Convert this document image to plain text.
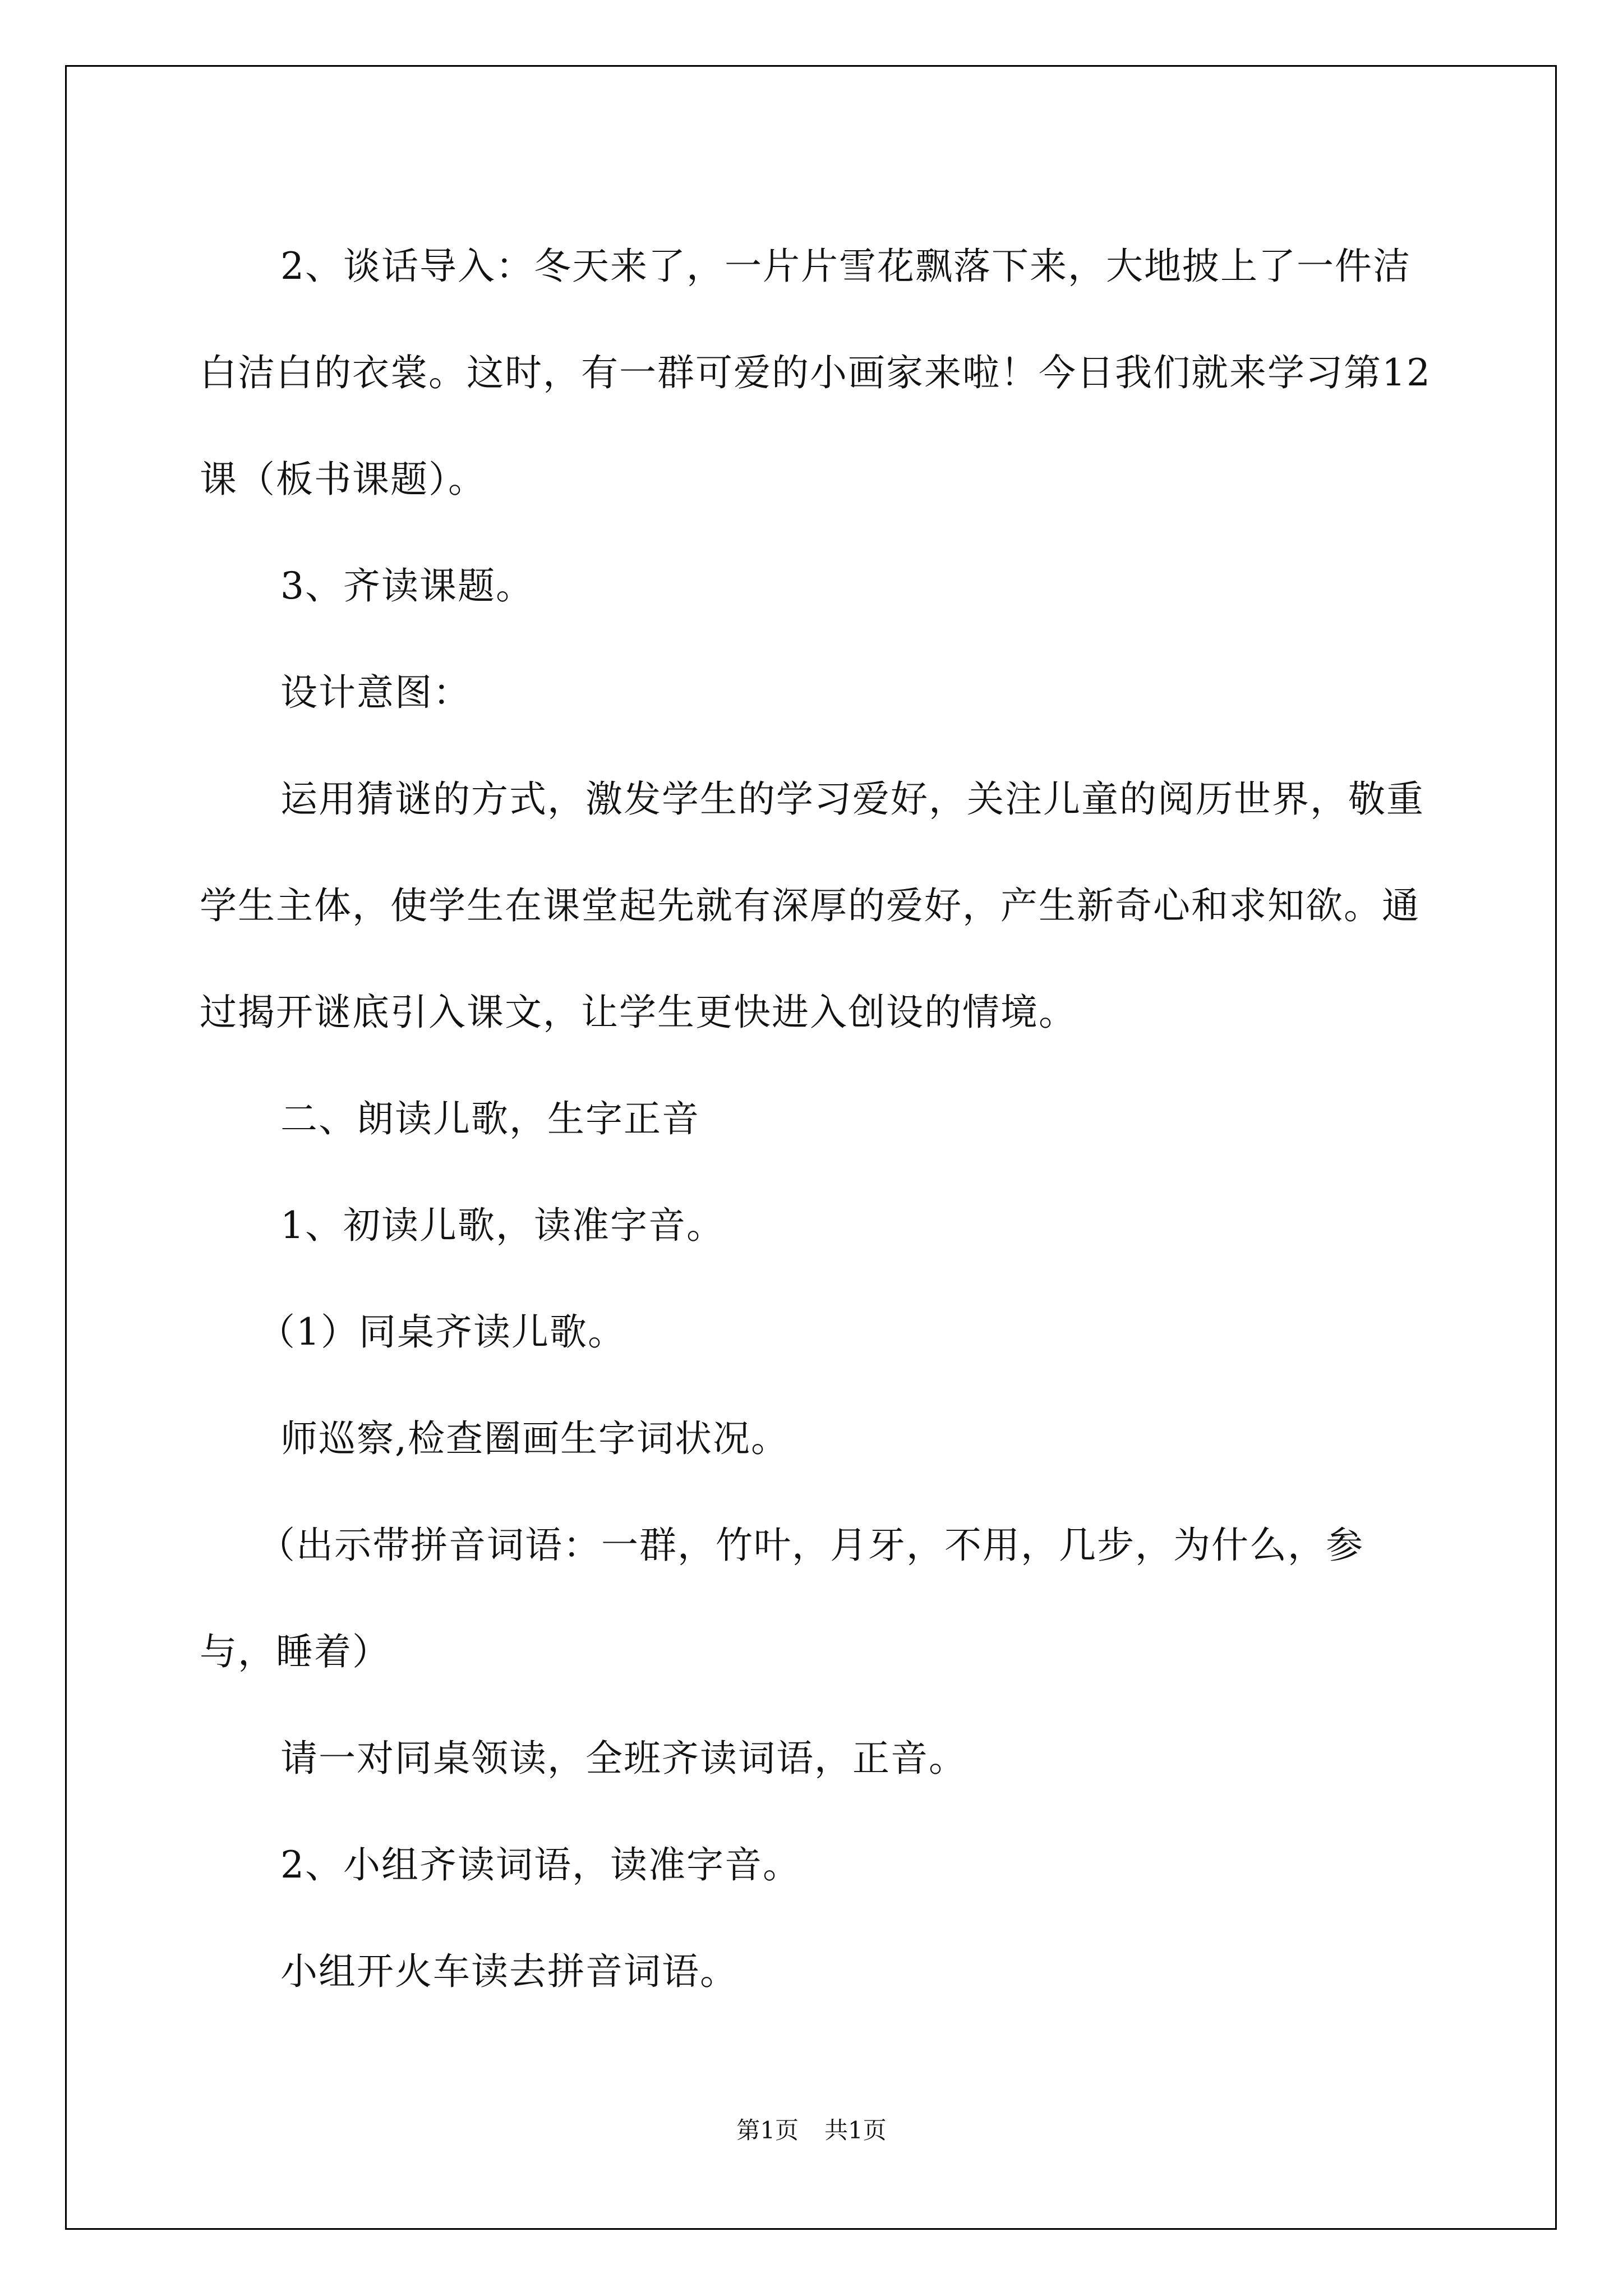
2、谈话导入：冬天来了，一片片雪花飘落下来，大地披上了一件洁白洁白的衣裳。这时，有一群可爱的小画家来啦！今日我们就来学习第12课（板书课题）。

3、齐读课题。

设计意图：

运用猜谜的方式，激发学生的学习爱好，关注儿童的阅历世界，敬重学生主体，使学生在课堂起先就有深厚的爱好，产生新奇心和求知欲。通过揭开谜底引入课文，让学生更快进入创设的情境。

二、朗读儿歌，生字正音

1、初读儿歌，读准字音。

（1）同桌齐读儿歌。

师巡察,检查圈画生字词状况。

（出示带拼音词语：一群，竹叶，月牙，不用，几步，为什么，参与，睡着）

请一对同桌领读，全班齐读词语，正音。

2、小组齐读词语，读准字音。

小组开火车读去拼音词语。

第1页 共1页
